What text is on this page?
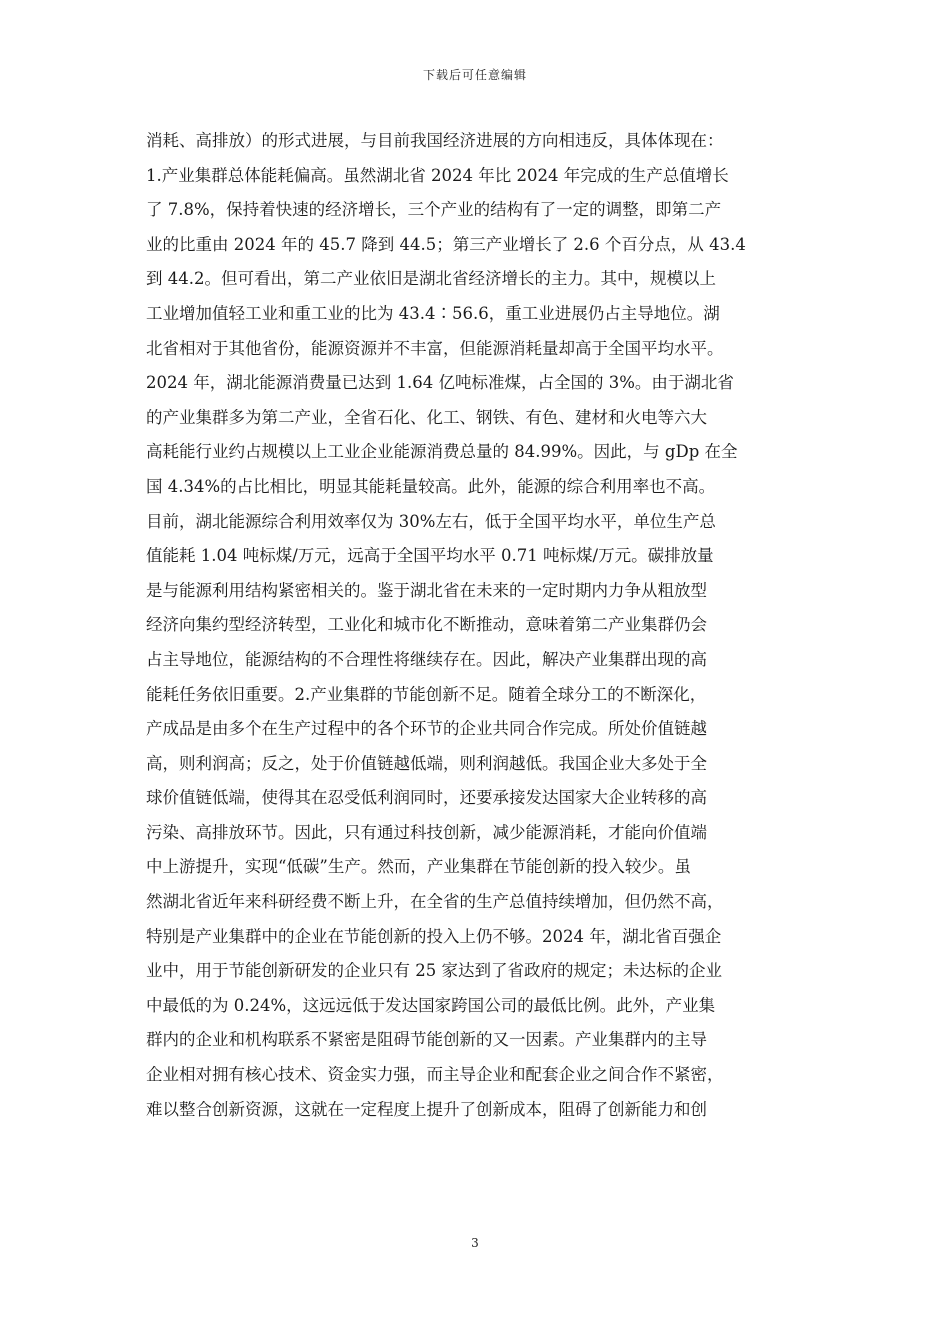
下载后可任意编辑
消耗、高排放）的形式进展，与目前我国经济进展的方向相违反，具体体现在：
1.产业集群总体能耗偏高。虽然湖北省 2024 年比 2024 年完成的生产总值增长
了 7.8%，保持着快速的经济增长，三个产业的结构有了一定的调整，即第二产
业的比重由 2024 年的 45.7 降到 44.5；第三产业增长了 2.6 个百分点，从 43.4
到 44.2。但可看出，第二产业依旧是湖北省经济增长的主力。其中，规模以上
工业增加值轻工业和重工业的比为 43.4∶56.6，重工业进展仍占主导地位。湖
北省相对于其他省份，能源资源并不丰富，但能源消耗量却高于全国平均水平。
2024 年，湖北能源消费量已达到 1.64 亿吨标准煤，占全国的 3%。由于湖北省
的产业集群多为第二产业，全省石化、化工、钢铁、有色、建材和火电等六大
高耗能行业约占规模以上工业企业能源消费总量的 84.99%。因此，与 gDp 在全
国 4.34%的占比相比，明显其能耗量较高。此外，能源的综合利用率也不高。
目前，湖北能源综合利用效率仅为 30%左右，低于全国平均水平，单位生产总
值能耗 1.04 吨标煤/万元，远高于全国平均水平 0.71 吨标煤/万元。碳排放量
是与能源利用结构紧密相关的。鉴于湖北省在未来的一定时期内力争从粗放型
经济向集约型经济转型，工业化和城市化不断推动，意味着第二产业集群仍会
占主导地位，能源结构的不合理性将继续存在。因此，解决产业集群出现的高
能耗任务依旧重要。2.产业集群的节能创新不足。随着全球分工的不断深化，
产成品是由多个在生产过程中的各个环节的企业共同合作完成。所处价值链越
高，则利润高；反之，处于价值链越低端，则利润越低。我国企业大多处于全
球价值链低端，使得其在忍受低利润同时，还要承接发达国家大企业转移的高
污染、高排放环节。因此，只有通过科技创新，减少能源消耗，才能向价值端
中上游提升，实现“低碳”生产。然而，产业集群在节能创新的投入较少。虽
然湖北省近年来科研经费不断上升，在全省的生产总值持续增加，但仍然不高，
特别是产业集群中的企业在节能创新的投入上仍不够。2024 年，湖北省百强企
业中，用于节能创新研发的企业只有 25 家达到了省政府的规定；未达标的企业
中最低的为 0.24%，这远远低于发达国家跨国公司的最低比例。此外，产业集
群内的企业和机构联系不紧密是阻碍节能创新的又一因素。产业集群内的主导
企业相对拥有核心技术、资金实力强，而主导企业和配套企业之间合作不紧密，
难以整合创新资源，这就在一定程度上提升了创新成本，阻碍了创新能力和创
3
